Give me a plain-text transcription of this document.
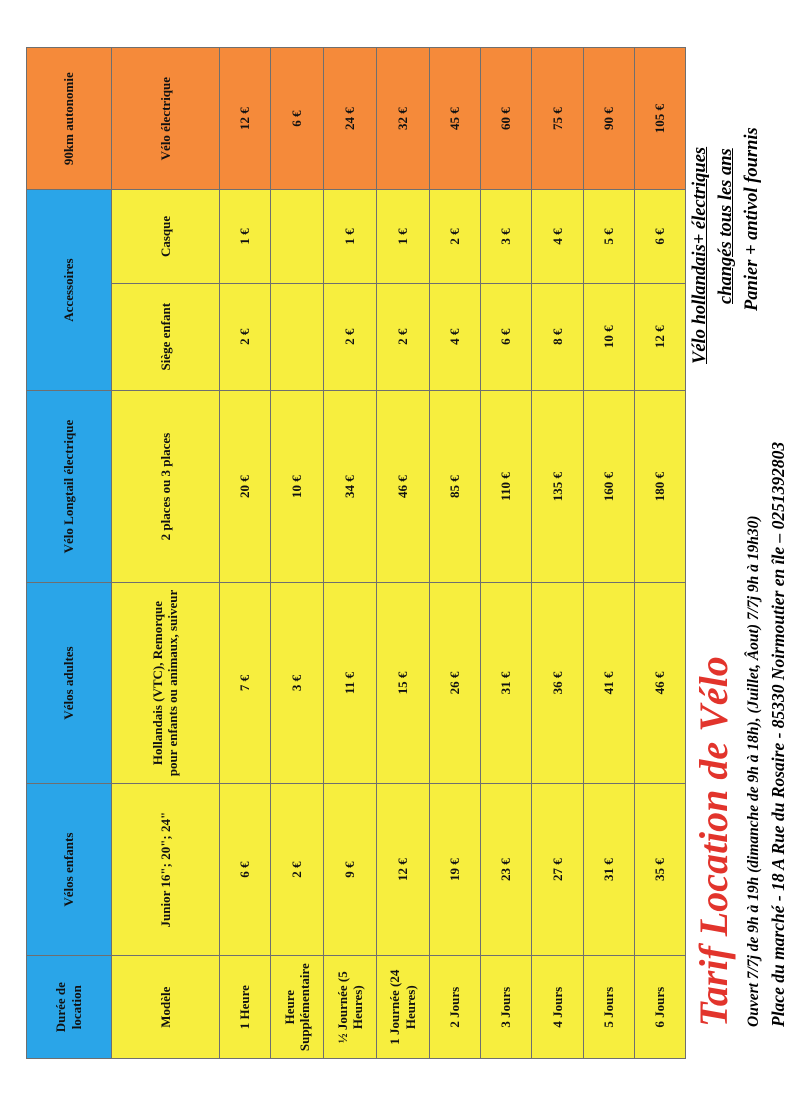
Tarif Location de Vélo Ouvert 7/7j de 9h à 19h (dimanche de 9h à 18h), (Juillet, Âout) 7/7j 9h à 19h30) Place du marché - 18 A Rue du Rosaire - 85330 Noirmoutier en île – 0251392803
Vélo hollandais+ électriques changés tous les ans Panier + antivol fournis
Durée de location	Vélos enfants	Vélos adultes	Vélo Longtail électrique	Accessoires		90km autonomie
Modèle	Junior 16"; 20"; 24"	Hollandais (VTC), Remorque pour enfants ou animaux, suiveur	2 places ou 3 places	Siège enfant	Casque	Vélo électrique
1 Heure	6 €	7 €	20 €	2 €	1 €	12 €
Heure Supplémentaire	2 €	3 €	10 €			6 €
½ Journée (5 Heures)	9 €	11 €	34 €	2 €	1 €	24 €
1 Journée (24 Heures)	12 €	15 €	46 €	2 €	1 €	32 €
2 Jours	19 €	26 €	85 €	4 €	2 €	45 €
3 Jours	23 €	31 €	110 €	6 €	3 €	60 €
4 Jours	27 €	36 €	135 €	8 €	4 €	75 €
5 Jours	31 €	41 €	160 €	10 €	5 €	90 €
6 Jours	35 €	46 €	180 €	12 €	6 €	105 €
